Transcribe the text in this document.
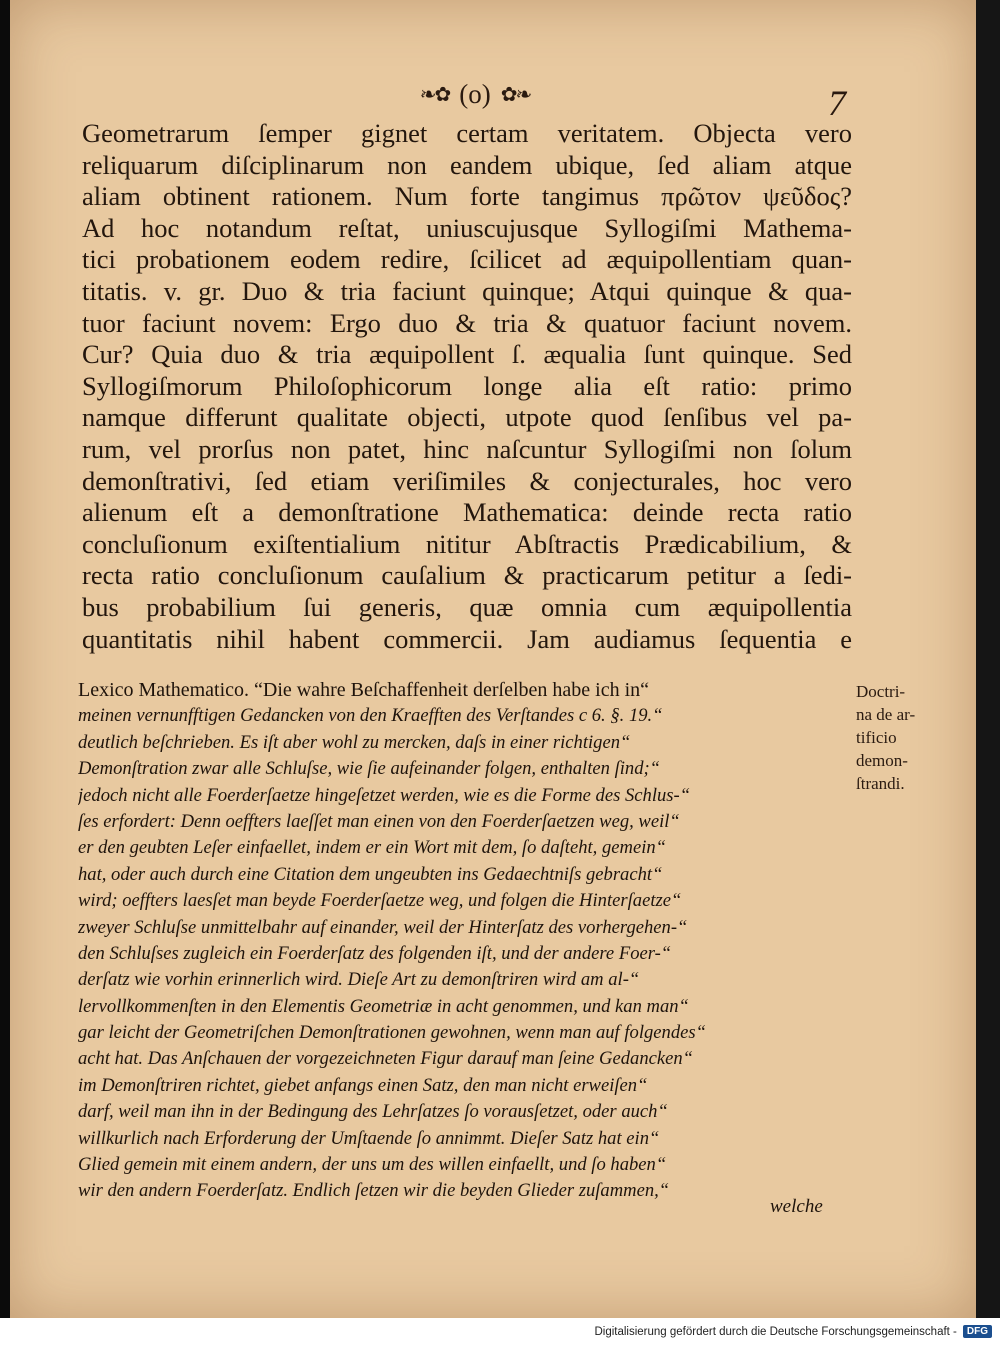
❧✿ (o) ✿❧	7
Geometrarum ſemper gignet certam veritatem. Objecta vero
reliquarum diſciplinarum non eandem ubique, ſed aliam atque
aliam obtinent rationem. Num forte tangimus πρῶτον ψεῦδος?
Ad hoc notandum reſtat, uniuscujusque Syllogiſmi Mathema-
tici probationem eodem redire, ſcilicet ad æquipollentiam quan-
titatis. v. gr. Duo & tria faciunt quinque; Atqui quinque & qua-
tuor faciunt novem: Ergo duo & tria & quatuor faciunt novem.
Cur? Quia duo & tria æquipollent ſ. æqualia ſunt quinque. Sed
Syllogiſmorum Philoſophicorum longe alia eſt ratio: primo
namque differunt qualitate objecti, utpote quod ſenſibus vel pa-
rum, vel prorſus non patet, hinc naſcuntur Syllogiſmi non ſolum
demonſtrativi, ſed etiam veriſimiles & conjecturales, hoc vero
alienum eſt a demonſtratione Mathematica: deinde recta ratio
concluſionum exiſtentialium nititur Abſtractis Prædicabilium, &
recta ratio concluſionum cauſalium & practicarum petitur a ſedi-
bus probabilium ſui generis, quæ omnia cum æquipollentia
quantitatis nihil habent commercii. Jam audiamus ſequentia e
Lexico Mathematico. “Die wahre Beſchaffenheit derſelben habe ich in“
meinen vernunfftigen Gedancken von den Kraefften des Verſtandes c 6. §. 19.“
deutlich beſchrieben. Es iſt aber wohl zu mercken, daſs in einer richtigen“
Demonſtration zwar alle Schluſse, wie ſie aufeinander folgen, enthalten ſind;“
jedoch nicht alle Foerderſaetze hingeſetzet werden, wie es die Forme des Schlus-“
ſes erfordert: Denn oeffters laeſſet man einen von den Foerderſaetzen weg, weil“
er den geubten Leſer einfaellet, indem er ein Wort mit dem, ſo daſteht, gemein“
hat, oder auch durch eine Citation dem ungeubten ins Gedaechtniſs gebracht“
wird; oeffters laesſet man beyde Foerderſaetze weg, und folgen die Hinterſaetze“
zweyer Schluſse unmittelbahr auf einander, weil der Hinterſatz des vorhergehen-“
den Schluſses zugleich ein Foerderſatz des folgenden iſt, und der andere Foer-“
derſatz wie vorhin erinnerlich wird. Dieſe Art zu demonſtriren wird am al-“
lervollkommenſten in den Elementis Geometriæ in acht genommen, und kan man“
gar leicht der Geometriſchen Demonſtrationen gewohnen, wenn man auf folgendes“
acht hat. Das Anſchauen der vorgezeichneten Figur darauf man ſeine Gedancken“
im Demonſtriren richtet, giebet anfangs einen Satz, den man nicht erweiſen“
darf, weil man ihn in der Bedingung des Lehrſatzes ſo vorausſetzet, oder auch“
willkurlich nach Erforderung der Umſtaende ſo annimmt. Dieſer Satz hat ein“
Glied gemein mit einem andern, der uns um des willen einfaellt, und ſo haben“
wir den andern Foerderſatz. Endlich ſetzen wir die beyden Glieder zuſammen,“
Doctri-
na de ar-
tificio
demon-
ſtrandi.
welche
Digitalisierung gefördert durch die Deutsche Forschungsgemeinschaft -	DFG
